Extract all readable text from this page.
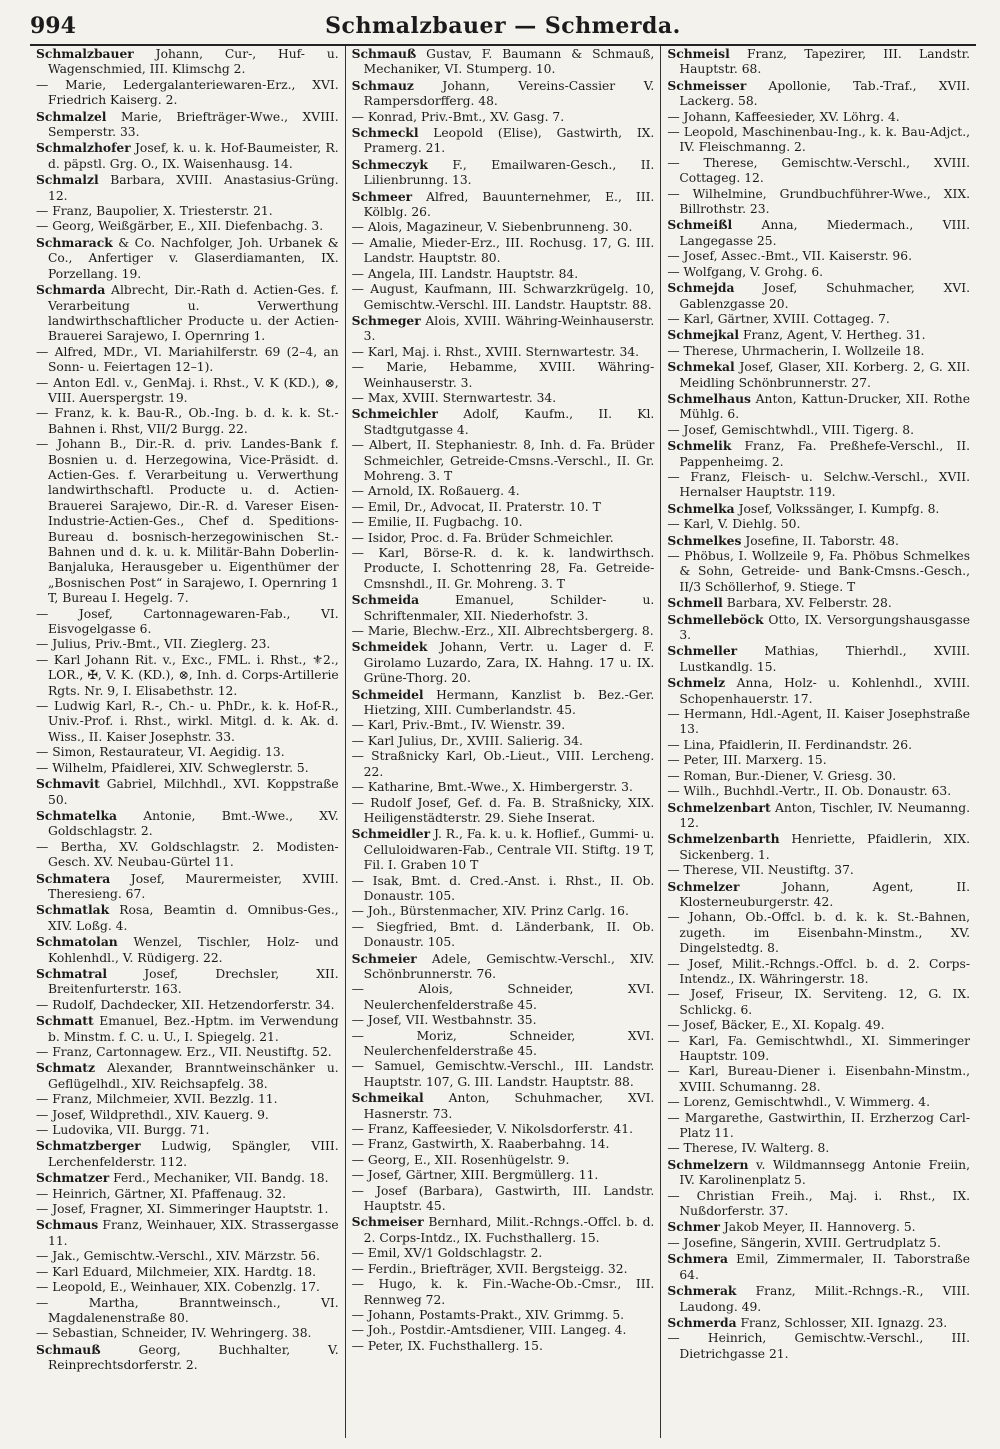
994	Schmalzbauer — Schmerda.
Schmalzbauer Johann, Cur-, Huf- u. Wagenschmied, III. Klimschg 2.
— Marie, Ledergalanteriewaren-Erz., XVI. Friedrich Kaiserg. 2.
Schmalzel Marie, Briefträger-Wwe., XVIII. Semperstr. 33.
Schmalzhofer Josef, k. u. k. Hof-Baumeister, R. d. päpstl. Grg. O., IX. Waisenhausg. 14.
Schmalzl Barbara, XVIII. Anastasius-Grüng. 12.
— Franz, Baupolier, X. Triesterstr. 21.
— Georg, Weißgärber, E., XII. Diefenbachg. 3.
Schmarack & Co. Nachfolger, Joh. Urbanek & Co., Anfertiger v. Glaserdiamanten, IX. Porzellang. 19.
Schmarda Albrecht, Dir.-Rath d. Actien-Ges. f. Verarbeitung u. Verwerthung landwirthschaftlicher Producte u. der Actien-Brauerei Sarajewo, I. Opernring 1.
— Alfred, MDr., VI. Mariahilferstr. 69 (2–4, an Sonn- u. Feiertagen 12–1).
— Anton Edl. v., GenMaj. i. Rhst., V. K (KD.), ⊗, VIII. Auerspergstr. 19.
— Franz, k. k. Bau-R., Ob.-Ing. b. d. k. k. St.-Bahnen i. Rhst, VII/2 Burgg. 22.
— Johann B., Dir.-R. d. priv. Landes-Bank f. Bosnien u. d. Herzegowina, Vice-Präsidt. d. Actien-Ges. f. Verarbeitung u. Verwerthung landwirthschaftl. Producte u. d. Actien-Brauerei Sarajewo, Dir.-R. d. Vareser Eisen-Industrie-Actien-Ges., Chef d. Speditions-Bureau d. bosnisch-herzegowinischen St.-Bahnen und d. k. u. k. Militär-Bahn Doberlin-Banjaluka, Herausgeber u. Eigenthümer der „Bosnischen Post“ in Sarajewo, I. Opernring 1 T, Bureau I. Hegelg. 7.
— Josef, Cartonnagewaren-Fab., VI. Eisvogelgasse 6.
— Julius, Priv.-Bmt., VII. Zieglerg. 23.
— Karl Johann Rit. v., Exc., FML. i. Rhst., ⚜2., LOR., ✠, V. K. (KD.), ⊗, Inh. d. Corps-Artillerie Rgts. Nr. 9, I. Elisabethstr. 12.
— Ludwig Karl, R.-, Ch.- u. PhDr., k. k. Hof-R., Univ.-Prof. i. Rhst., wirkl. Mitgl. d. k. Ak. d. Wiss., II. Kaiser Josephstr. 33.
— Simon, Restaurateur, VI. Aegidig. 13.
— Wilhelm, Pfaidlerei, XIV. Schweglerstr. 5.
Schmavit Gabriel, Milchhdl., XVI. Koppstraße 50.
Schmatelka Antonie, Bmt.-Wwe., XV. Goldschlagstr. 2.
— Bertha, XV. Goldschlagstr. 2. Modisten-Gesch. XV. Neubau-Gürtel 11.
Schmatera Josef, Maurermeister, XVIII. Theresieng. 67.
Schmatlak Rosa, Beamtin d. Omnibus-Ges., XIV. Loßg. 4.
Schmatolan Wenzel, Tischler, Holz- und Kohlenhdl., V. Rüdigerg. 22.
Schmatral Josef, Drechsler, XII. Breitenfurterstr. 163.
— Rudolf, Dachdecker, XII. Hetzendorferstr. 34.
Schmatt Emanuel, Bez.-Hptm. im Verwendung b. Minstm. f. C. u. U., I. Spiegelg. 21.
— Franz, Cartonnagew. Erz., VII. Neustiftg. 52.
Schmatz Alexander, Branntweinschänker u. Geflügelhdl., XIV. Reichsapfelg. 38.
— Franz, Milchmeier, XVII. Bezzlg. 11.
— Josef, Wildprethdl., XIV. Kauerg. 9.
— Ludovika, VII. Burgg. 71.
Schmatzberger Ludwig, Spängler, VIII. Lerchenfelderstr. 112.
Schmatzer Ferd., Mechaniker, VII. Bandg. 18.
— Heinrich, Gärtner, XI. Pfaffenaug. 32.
— Josef, Fragner, XI. Simmeringer Hauptstr. 1.
Schmaus Franz, Weinhauer, XIX. Strassergasse 11.
— Jak., Gemischtw.-Verschl., XIV. Märzstr. 56.
— Karl Eduard, Milchmeier, XIX. Hardtg. 18.
— Leopold, E., Weinhauer, XIX. Cobenzlg. 17.
— Martha, Branntweinsch., VI. Magdalenenstraße 80.
— Sebastian, Schneider, IV. Wehringerg. 38.
Schmauß Georg, Buchhalter, V. Reinprechtsdorferstr. 2.
Schmauß Gustav, F. Baumann & Schmauß, Mechaniker, VI. Stumperg. 10.
Schmauz Johann, Vereins-Cassier V. Rampersdorfferg. 48.
— Konrad, Priv.-Bmt., XV. Gasg. 7.
Schmeckl Leopold (Elise), Gastwirth, IX. Pramerg. 21.
Schmeczyk F., Emailwaren-Gesch., II. Lilienbrunng. 13.
Schmeer Alfred, Bauunternehmer, E., III. Kölblg. 26.
— Alois, Magazineur, V. Siebenbrunneng. 30.
— Amalie, Mieder-Erz., III. Rochusg. 17, G. III. Landstr. Hauptstr. 80.
— Angela, III. Landstr. Hauptstr. 84.
— August, Kaufmann, III. Schwarzkrügelg. 10, Gemischtw.-Verschl. III. Landstr. Hauptstr. 88.
Schmeger Alois, XVIII. Währing-Weinhauserstr. 3.
— Karl, Maj. i. Rhst., XVIII. Sternwartestr. 34.
— Marie, Hebamme, XVIII. Währing-Weinhauserstr. 3.
— Max, XVIII. Sternwartestr. 34.
Schmeichler Adolf, Kaufm., II. Kl. Stadtgutgasse 4.
— Albert, II. Stephaniestr. 8, Inh. d. Fa. Brüder Schmeichler, Getreide-Cmsns.-Verschl., II. Gr. Mohreng. 3. T
— Arnold, IX. Roßauerg. 4.
— Emil, Dr., Advocat, II. Praterstr. 10. T
— Emilie, II. Fugbachg. 10.
— Isidor, Proc. d. Fa. Brüder Schmeichler.
— Karl, Börse-R. d. k. k. landwirthsch. Producte, I. Schottenring 28, Fa. Getreide-Cmsnshdl., II. Gr. Mohreng. 3. T
Schmeida Emanuel, Schilder- u. Schriftenmaler, XII. Niederhofstr. 3.
— Marie, Blechw.-Erz., XII. Albrechtsbergerg. 8.
Schmeidek Johann, Vertr. u. Lager d. F. Girolamo Luzardo, Zara, IX. Hahng. 17 u. IX. Grüne-Thorg. 20.
Schmeidel Hermann, Kanzlist b. Bez.-Ger. Hietzing, XIII. Cumberlandstr. 45.
— Karl, Priv.-Bmt., IV. Wienstr. 39.
— Karl Julius, Dr., XVIII. Salierig. 34.
— Straßnicky Karl, Ob.-Lieut., VIII. Lercheng. 22.
— Katharine, Bmt.-Wwe., X. Himbergerstr. 3.
— Rudolf Josef, Gef. d. Fa. B. Straßnicky, XIX. Heiligenstädterstr. 29. Siehe Inserat.
Schmeidler J. R., Fa. k. u. k. Hoflief., Gummi- u. Celluloidwaren-Fab., Centrale VII. Stiftg. 19 T, Fil. I. Graben 10 T
— Isak, Bmt. d. Cred.-Anst. i. Rhst., II. Ob. Donaustr. 105.
— Joh., Bürstenmacher, XIV. Prinz Carlg. 16.
— Siegfried, Bmt. d. Länderbank, II. Ob. Donaustr. 105.
Schmeier Adele, Gemischtw.-Verschl., XIV. Schönbrunnerstr. 76.
— Alois, Schneider, XVI. Neulerchenfelderstraße 45.
— Josef, VII. Westbahnstr. 35.
— Moriz, Schneider, XVI. Neulerchenfelderstraße 45.
— Samuel, Gemischtw.-Verschl., III. Landstr. Hauptstr. 107, G. III. Landstr. Hauptstr. 88.
Schmeikal Anton, Schuhmacher, XVI. Hasnerstr. 73.
— Franz, Kaffeesieder, V. Nikolsdorferstr. 41.
— Franz, Gastwirth, X. Raaberbahng. 14.
— Georg, E., XII. Rosenhügelstr. 9.
— Josef, Gärtner, XIII. Bergmüllerg. 11.
— Josef (Barbara), Gastwirth, III. Landstr. Hauptstr. 45.
Schmeiser Bernhard, Milit.-Rchngs.-Offcl. b. d. 2. Corps-Intdz., IX. Fuchsthallerg. 15.
— Emil, XV/1 Goldschlagstr. 2.
— Ferdin., Briefträger, XVII. Bergsteigg. 32.
— Hugo, k. k. Fin.-Wache-Ob.-Cmsr., III. Rennweg 72.
— Johann, Postamts-Prakt., XIV. Grimmg. 5.
— Joh., Postdir.-Amtsdiener, VIII. Langeg. 4.
— Peter, IX. Fuchsthallerg. 15.
Schmeisl Franz, Tapezirer, III. Landstr. Hauptstr. 68.
Schmeisser Apollonie, Tab.-Traf., XVII. Lackerg. 58.
— Johann, Kaffeesieder, XV. Löhrg. 4.
— Leopold, Maschinenbau-Ing., k. k. Bau-Adjct., IV. Fleischmanng. 2.
— Therese, Gemischtw.-Verschl., XVIII. Cottageg. 12.
— Wilhelmine, Grundbuchführer-Wwe., XIX. Billrothstr. 23.
Schmeißl Anna, Miedermach., VIII. Langegasse 25.
— Josef, Assec.-Bmt., VII. Kaiserstr. 96.
— Wolfgang, V. Grohg. 6.
Schmejda Josef, Schuhmacher, XVI. Gablenzgasse 20.
— Karl, Gärtner, XVIII. Cottageg. 7.
Schmejkal Franz, Agent, V. Hertheg. 31.
— Therese, Uhrmacherin, I. Wollzeile 18.
Schmekal Josef, Glaser, XII. Korberg. 2, G. XII. Meidling Schönbrunnerstr. 27.
Schmelhaus Anton, Kattun-Drucker, XII. Rothe Mühlg. 6.
— Josef, Gemischtwhdl., VIII. Tigerg. 8.
Schmelik Franz, Fa. Preßhefe-Verschl., II. Pappenheimg. 2.
— Franz, Fleisch- u. Selchw.-Verschl., XVII. Hernalser Hauptstr. 119.
Schmelka Josef, Volkssänger, I. Kumpfg. 8.
— Karl, V. Diehlg. 50.
Schmelkes Josefine, II. Taborstr. 48.
— Phöbus, I. Wollzeile 9, Fa. Phöbus Schmelkes & Sohn, Getreide- und Bank-Cmsns.-Gesch., II/3 Schöllerhof, 9. Stiege. T
Schmell Barbara, XV. Felberstr. 28.
Schmelleböck Otto, IX. Versorgungshausgasse 3.
Schmeller Mathias, Thierhdl., XVIII. Lustkandlg. 15.
Schmelz Anna, Holz- u. Kohlenhdl., XVIII. Schopenhauerstr. 17.
— Hermann, Hdl.-Agent, II. Kaiser Josephstraße 13.
— Lina, Pfaidlerin, II. Ferdinandstr. 26.
— Peter, III. Marxerg. 15.
— Roman, Bur.-Diener, V. Griesg. 30.
— Wilh., Buchhdl.-Vertr., II. Ob. Donaustr. 63.
Schmelzenbart Anton, Tischler, IV. Neumanng. 12.
Schmelzenbarth Henriette, Pfaidlerin, XIX. Sickenberg. 1.
— Therese, VII. Neustiftg. 37.
Schmelzer Johann, Agent, II. Klosterneuburgerstr. 42.
— Johann, Ob.-Offcl. b. d. k. k. St.-Bahnen, zugeth. im Eisenbahn-Minstm., XV. Dingelstedtg. 8.
— Josef, Milit.-Rchngs.-Offcl. b. d. 2. Corps-Intendz., IX. Währingerstr. 18.
— Josef, Friseur, IX. Serviteng. 12, G. IX. Schlickg. 6.
— Josef, Bäcker, E., XI. Kopalg. 49.
— Karl, Fa. Gemischtwhdl., XI. Simmeringer Hauptstr. 109.
— Karl, Bureau-Diener i. Eisenbahn-Minstm., XVIII. Schumanng. 28.
— Lorenz, Gemischtwhdl., V. Wimmerg. 4.
— Margarethe, Gastwirthin, II. Erzherzog Carl-Platz 11.
— Therese, IV. Walterg. 8.
Schmelzern v. Wildmannsegg Antonie Freiin, IV. Karolinenplatz 5.
— Christian Freih., Maj. i. Rhst., IX. Nußdorferstr. 37.
Schmer Jakob Meyer, II. Hannoverg. 5.
— Josefine, Sängerin, XVIII. Gertrudplatz 5.
Schmera Emil, Zimmermaler, II. Taborstraße 64.
Schmerak Franz, Milit.-Rchngs.-R., VIII. Laudong. 49.
Schmerda Franz, Schlosser, XII. Ignazg. 23.
— Heinrich, Gemischtw.-Verschl., III. Dietrichgasse 21.
